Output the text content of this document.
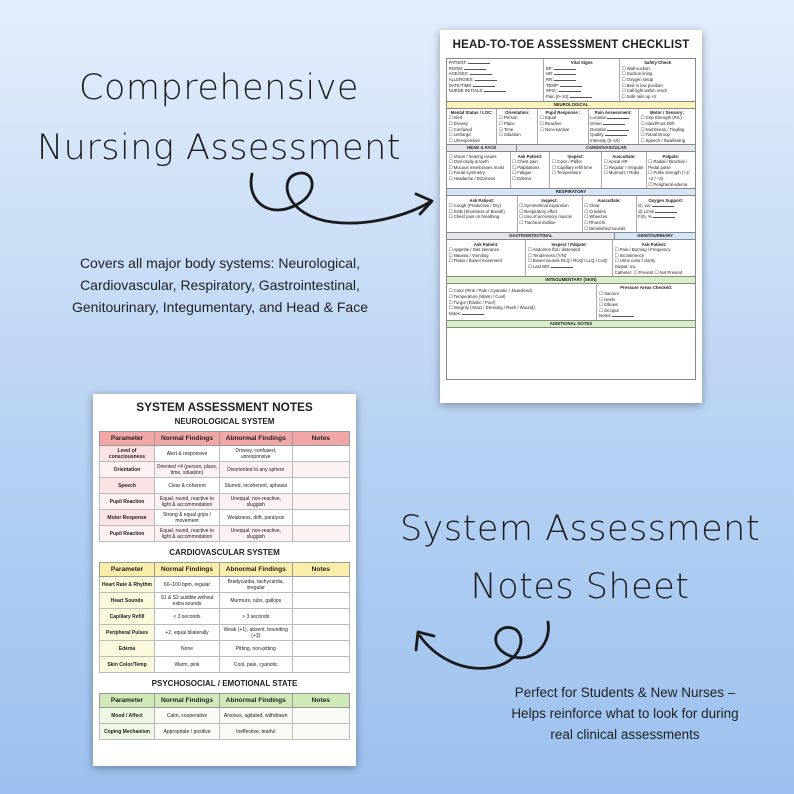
Comprehensive
Nursing Assessment
Covers all major body systems: Neurological,
Cardiovascular, Respiratory, Gastrointestinal,
Genitourinary, Integumentary, and Head & Face
System Assessment
Notes Sheet
Perfect for Students & New Nurses –
Helps reinforce what to look for during
real clinical assessments
HEAD-TO-TOE ASSESSMENT CHECKLIST
PATIENT:
ROOM:
AGE/SEX:
ALLERGIES:
DATE/TIME:
NURSE INITIALS:
Vital Signs
BP:
HR:
RR:
TEMP:
SPO₂:
Pain (0–10):
Safety Check
☐ Wall suction
☐ Suction lining
☐ Oxygen setup
☐ Bed in low position
☐ Call light within reach
☐ Side rails up ×2
NEUROLOGICAL
Mental Status / LOC:
☐ Alert
☐ Drowsy
☐ Confused
☐ Lethargic
☐ Unresponsive
Orientation:
☐ Person
☐ Place
☐ Time
☐ Situation
Pupil Response :
☐ Equal
☐ Reactive
☐ Non-reactive
Pain Assessment:
Location
Onset
Duration
Quality
Intensity (0–10)
Motor / Sensory:
☐ Grip Strength (R/L)
☐ Hand/Foot Drift
☐ Numbness / Tingling
☐ Facial Droop
☐ Speech / Swallowing
HEAD & FACE	CARDIOVASCULAR
☐ Vision / hearing issues
☐ Oral cavity & teeth
☐ Mucous membranes moist
☐ Facial symmetry
☐ Headache / Dizziness
Ask Patient:
☐ Chest pain
☐ Palpitations
☐ Fatigue
☐ Edema
Inspect:
☐ Color / Pallor
☐ Capillary refill time
☐ Temperature
Auscultate:
☐ Apical HR
☐ Regular / Irregular
☐ Murmurs / Rubs
Palpate:
☐ Radial / Brachial / Pedal pulse
☐ Pulse strength (+1/ +2 / +3)
☐ Peripheral edema
RESPIRATORY
Ask Patient:
☐ Cough (Productive / Dry)
☐ SOB (Shortness of Breath)
☐ Chest pain on breathing
Inspect:
☐ Symmetrical expansion
☐ Respiratory effort
☐ Use of accessory muscle
☐ Tracheal midline
Auscultate:
☐ Clear
☐ Crackles
☐ Wheezes
☐ Rhonchi
☐ Diminished sounds
Oxygen Support:
O₂ via:
@ L/min
FiO₂ %
GASTROINTESTINAL	GENITOURINARY
Ask Patient:
☐ Appetite / Diet tolerance
☐ Nausea / Vomiting
☐ Flatus / Bowel movement
Inspect / Palpate:
☐ Abdomen flat / distended
☐ Tenderness (Y/N)
☐ Bowel sounds RLQ / RUQ / LLQ / LUQ
☐ Last BM:
Ask Patient:
☐ Pain / Burning / Frequency
☐ Incontinence
☐ Urine color / clarity
Output: mL
Catheter: ☐ Present ☐ Not Present
INTEGUMENTARY (SKIN)
☐ Color (Pink / Pale / Cyanotic / Jaundiced)
☐ Temperature (Warm / Cool)
☐ Turgor (Elastic / Poor)
☐ Integrity (Intact / Dressing / Rash / Wound)
Notes:
Pressure Areas Checked:
☐ Sacrum
☐ Heels
☐ Elbows
☐ Occiput
Notes:
ADDITIONAL NOTES
SYSTEM ASSESSMENT NOTES
NEUROLOGICAL SYSTEM
Parameter	Normal Findings	Abnormal Findings	Notes
Level of consciousness	Alert & responsive	Drowsy, confused, unresponsive	
Orientation	Oriented ×4 (person, place, time, situation)	Disoriented to any sphere	
Speech	Clear & coherent	Slurred, incoherent, aphasia	
Pupil Reaction	Equal, round, reactive to light & accommodation	Unequal, non-reactive, sluggish	
Motor Response	Strong & equal grips / movement	Weakness, drift, paralysis	
Pupil Reaction	Equal, round, reactive to light & accommodation	Unequal, non-reactive, sluggish	
CARDIOVASCULAR SYSTEM
Parameter	Normal Findings	Abnormal Findings	Notes
Heart Rate & Rhythm	60–100 bpm, regular	Bradycardia, tachycardia, irregular	
Heart Sounds	S1 & S2 audible without extra sounds	Murmurs, rubs, gallops	
Capillary Refill	< 3 seconds	> 3 seconds	
Peripheral Pulses	+2, equal bilaterally	Weak (+1), absent, bounding (+3)	
Edema	None	Pitting, non-pitting	
Skin Color/Temp	Warm, pink	Cool, pale, cyanotic	
PSYCHOSOCIAL / EMOTIONAL STATE
Parameter	Normal Findings	Abnormal Findings	Notes
Mood / Affect	Calm, cooperative	Anxious, agitated, withdrawn	
Coping Mechanism	Appropriate / positive	Ineffective, tearful	
